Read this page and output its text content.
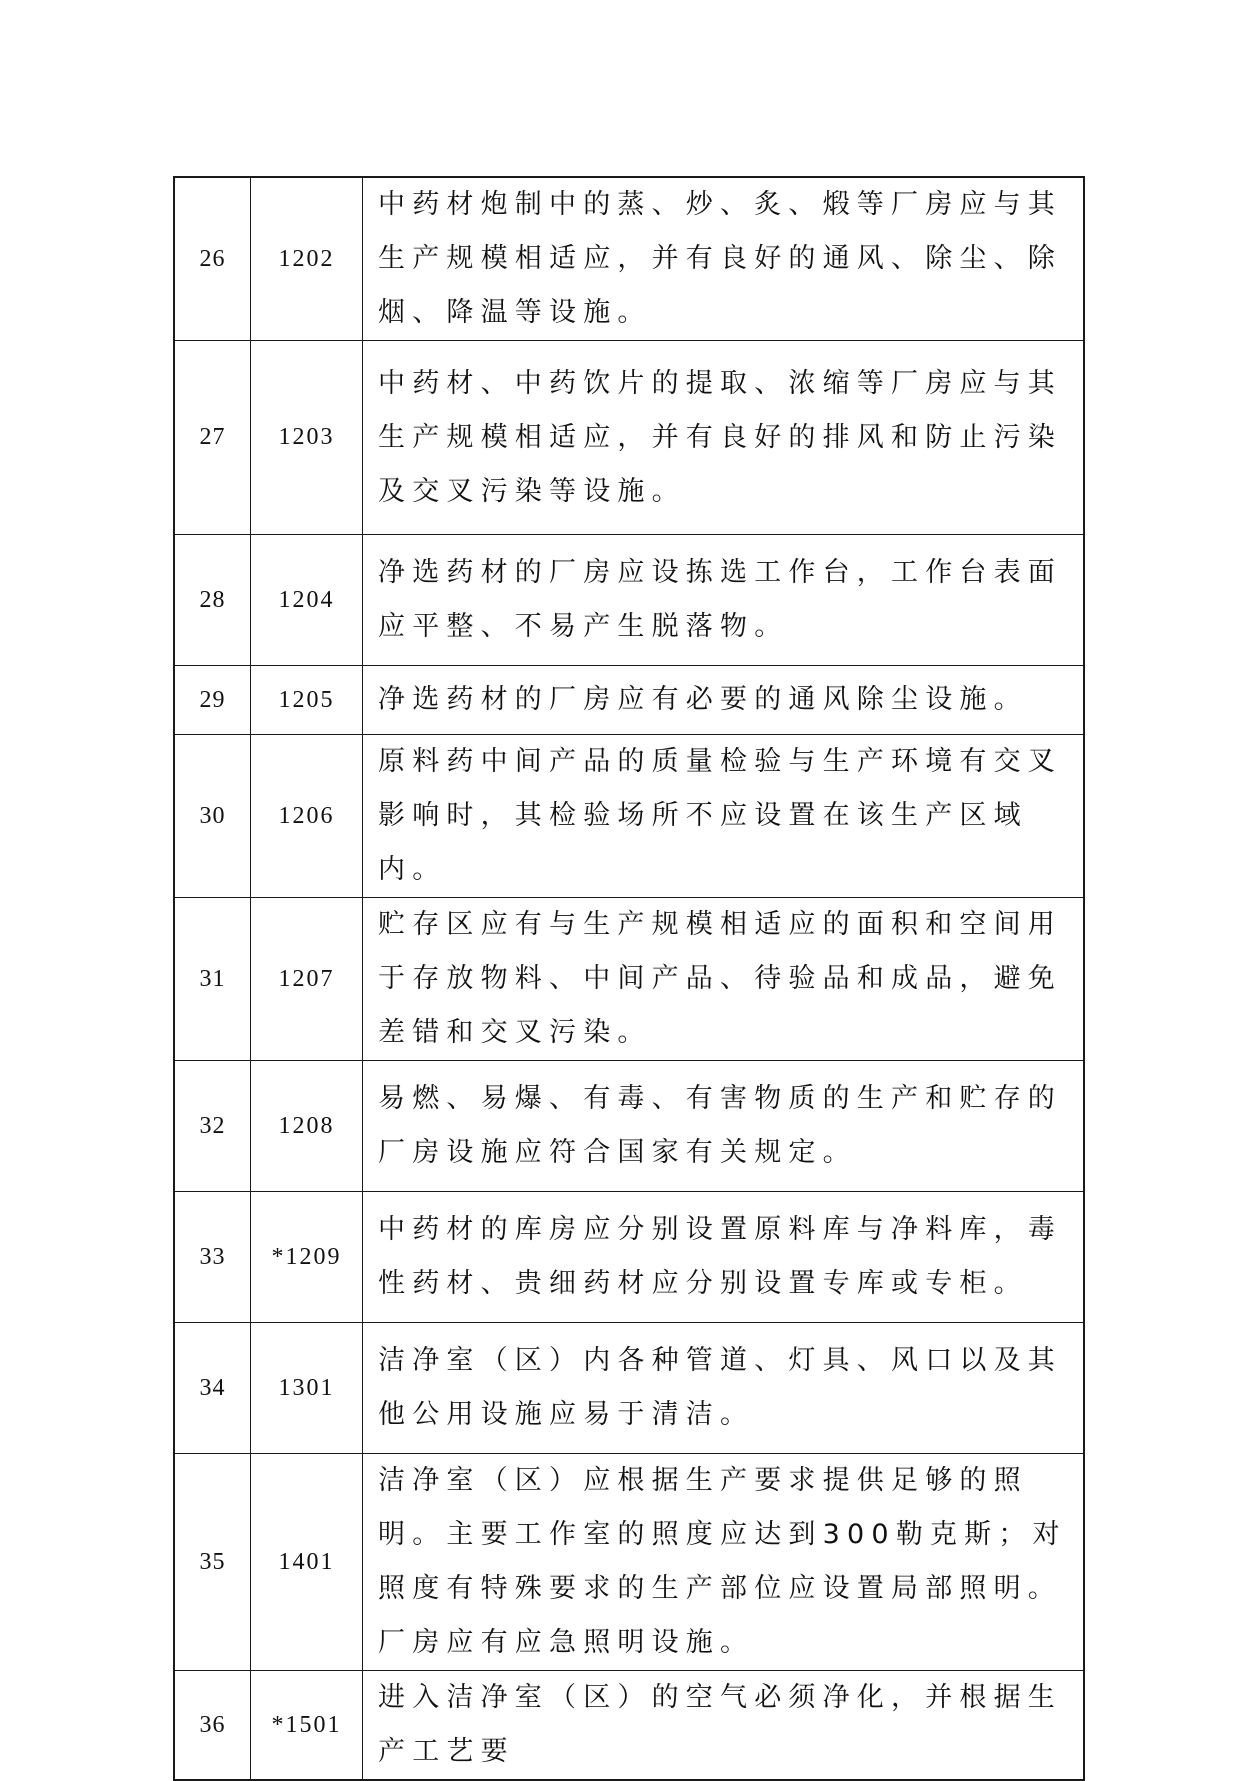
26	1202	中药材炮制中的蒸、炒、炙、煅等厂房应与其生产规模相适应，并有良好的通风、除尘、除烟、降温等设施。
27	1203	中药材、中药饮片的提取、浓缩等厂房应与其生产规模相适应，并有良好的排风和防止污染及交叉污染等设施。
28	1204	净选药材的厂房应设拣选工作台，工作台表面应平整、不易产生脱落物。
29	1205	净选药材的厂房应有必要的通风除尘设施。
30	1206	原料药中间产品的质量检验与生产环境有交叉影响时，其检验场所不应设置在该生产区域内。
31	1207	贮存区应有与生产规模相适应的面积和空间用于存放物料、中间产品、待验品和成品，避免差错和交叉污染。
32	1208	易燃、易爆、有毒、有害物质的生产和贮存的厂房设施应符合国家有关规定。
33	*1209	中药材的库房应分别设置原料库与净料库，毒性药材、贵细药材应分别设置专库或专柜。
34	1301	洁净室（区）内各种管道、灯具、风口以及其他公用设施应易于清洁。
35	1401	洁净室（区）应根据生产要求提供足够的照明。主要工作室的照度应达到300勒克斯；对照度有特殊要求的生产部位应设置局部照明。厂房应有应急照明设施。
36	*1501	进入洁净室（区）的空气必须净化，并根据生产工艺要
